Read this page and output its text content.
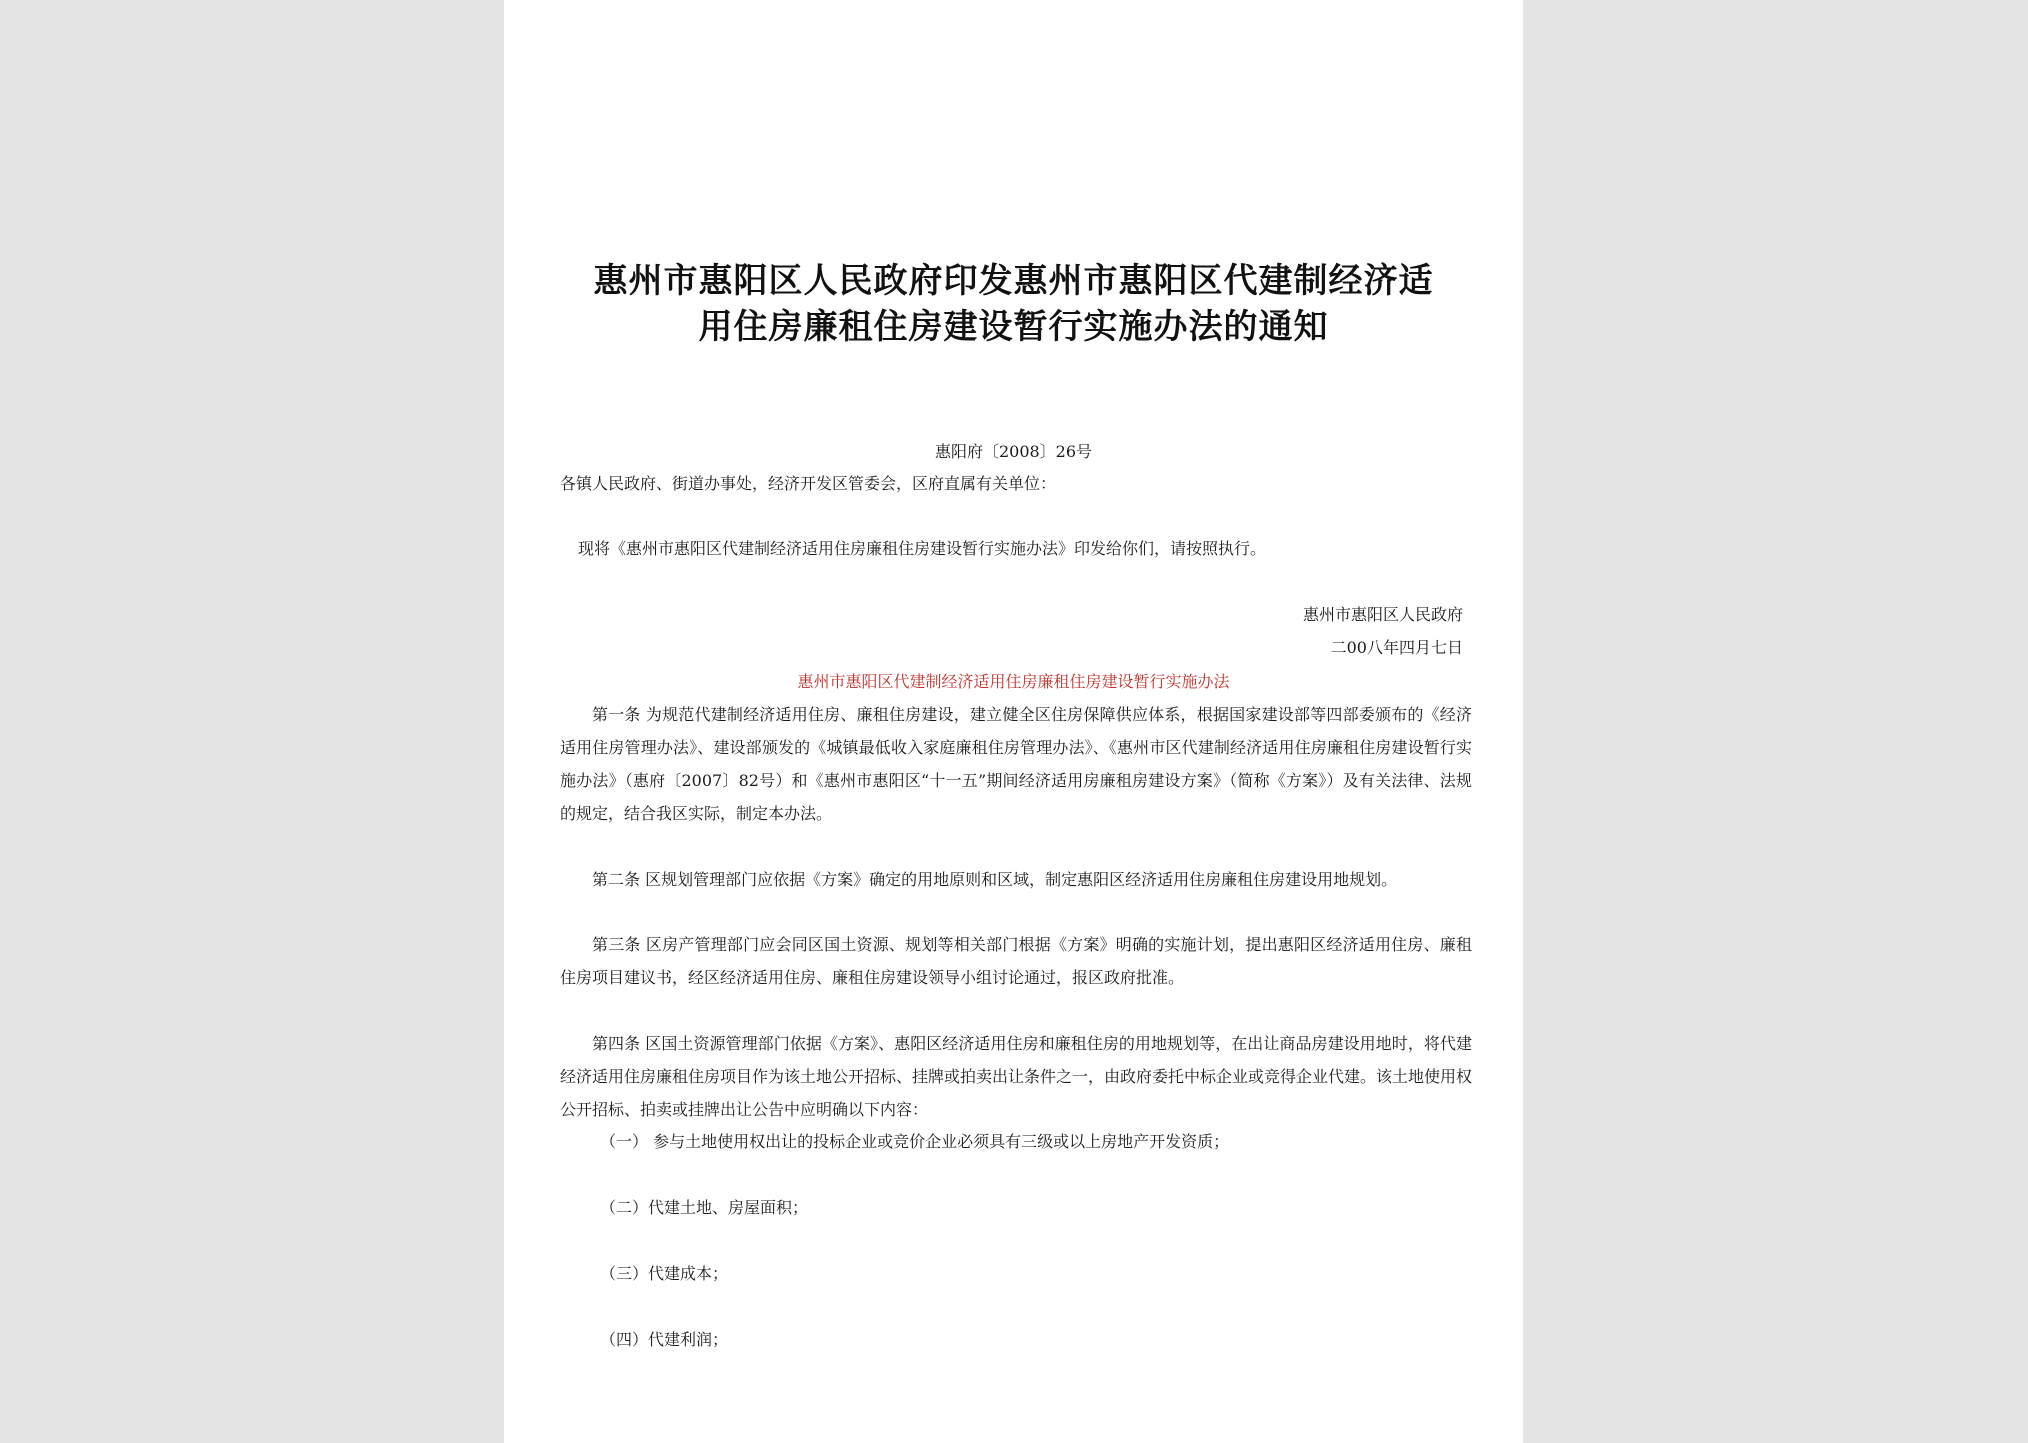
惠州市惠阳区人民政府印发惠州市惠阳区代建制经济适
用住房廉租住房建设暂行实施办法的通知
惠阳府〔2008〕26号
各镇人民政府、街道办事处，经济开发区管委会，区府直属有关单位：
现将《惠州市惠阳区代建制经济适用住房廉租住房建设暂行实施办法》印发给你们，请按照执行。
惠州市惠阳区人民政府
二00八年四月七日
惠州市惠阳区代建制经济适用住房廉租住房建设暂行实施办法
第一条 为规范代建制经济适用住房、廉租住房建设，建立健全区住房保障供应体系，根据国家建设部等四部委颁布的《经济适用住房管理办法》、建设部颁发的《城镇最低收入家庭廉租住房管理办法》、《惠州市区代建制经济适用住房廉租住房建设暂行实施办法》（惠府〔2007〕82号）和《惠州市惠阳区“十一五”期间经济适用房廉租房建设方案》（简称《方案》）及有关法律、法规的规定，结合我区实际，制定本办法。
第二条 区规划管理部门应依据《方案》确定的用地原则和区域，制定惠阳区经济适用住房廉租住房建设用地规划。
第三条 区房产管理部门应会同区国土资源、规划等相关部门根据《方案》明确的实施计划，提出惠阳区经济适用住房、廉租住房项目建议书，经区经济适用住房、廉租住房建设领导小组讨论通过，报区政府批准。
第四条 区国土资源管理部门依据《方案》、惠阳区经济适用住房和廉租住房的用地规划等，在出让商品房建设用地时，将代建经济适用住房廉租住房项目作为该土地公开招标、挂牌或拍卖出让条件之一，由政府委托中标企业或竞得企业代建。该土地使用权公开招标、拍卖或挂牌出让公告中应明确以下内容：
（一） 参与土地使用权出让的投标企业或竞价企业必须具有三级或以上房地产开发资质；
（二）代建土地、房屋面积；
（三）代建成本；
（四）代建利润；
